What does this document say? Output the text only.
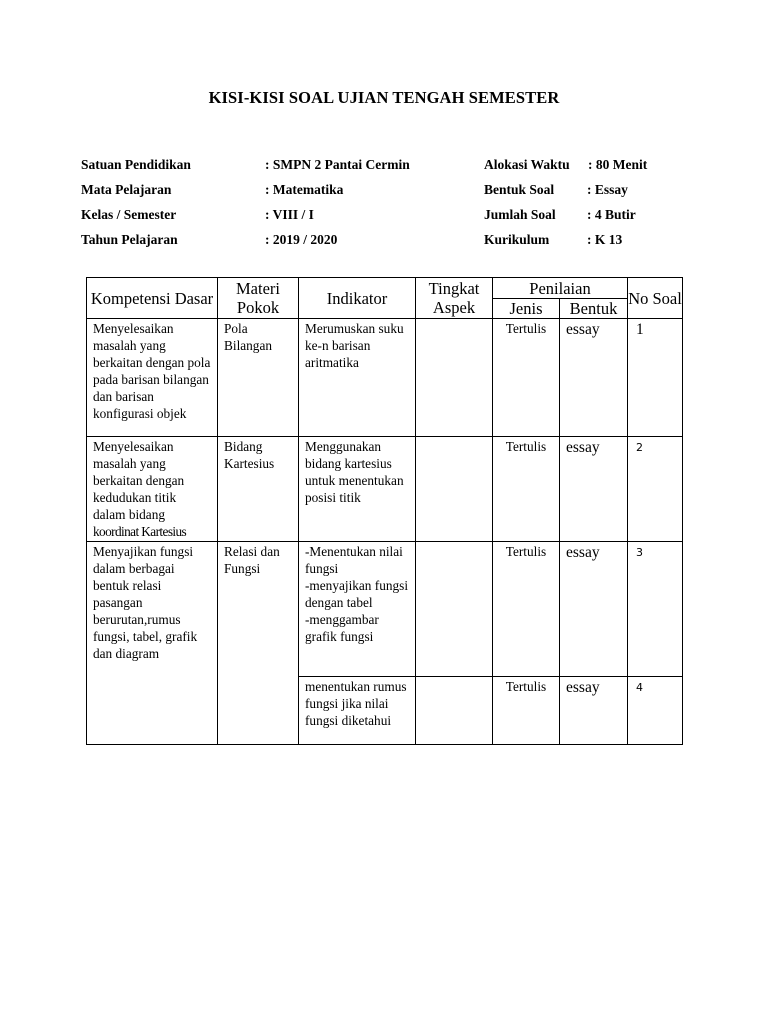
KISI-KISI SOAL UJIAN TENGAH SEMESTER
Satuan Pendidikan	: SMPN 2 Pantai Cermin	Alokasi Waktu : 80 Menit
Mata Pelajaran	: Matematika	Bentuk Soal : Essay
Kelas / Semester	: VIII / I	Jumlah Soal : 4 Butir
Tahun Pelajaran	: 2019 / 2020	Kurikulum	: K 13
Kompetensi Dasar	Materi Pokok	Indikator	Tingkat Aspek	Penilaian		No Soal
				Jenis	Bentuk	
Menyelesaikan masalah yang berkaitan dengan pola pada barisan bilangan dan barisan konfigurasi objek	Pola Bilangan	Merumuskan suku ke-n barisan aritmatika		Tertulis	essay	1
Menyelesaikan masalah yang berkaitan dengan kedudukan titik dalam bidang koordinat Kartesius	Bidang Kartesius	Menggunakan bidang kartesius untuk menentukan posisi titik		Tertulis	essay	2
Menyajikan fungsi dalam berbagai bentuk relasi pasangan berurutan,rumus fungsi, tabel, grafik dan diagram	Relasi dan Fungsi	-Menentukan nilai fungsi
-menyajikan fungsi dengan tabel
-menggambar grafik fungsi		Tertulis	essay	3
		menentukan rumus fungsi jika nilai fungsi diketahui		Tertulis	essay	4
